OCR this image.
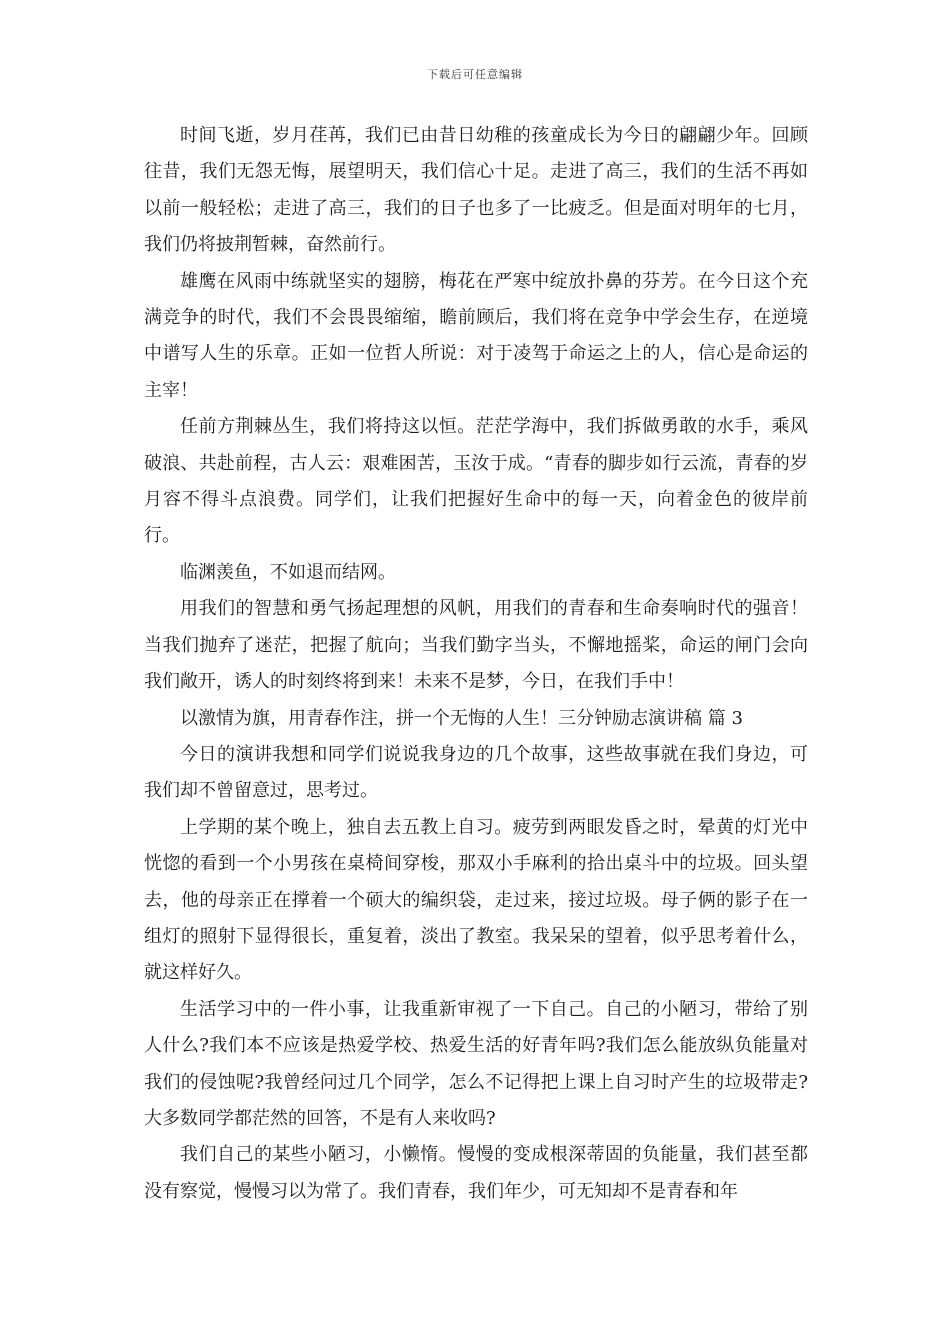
下载后可任意编辑

时间飞逝，岁月荏苒，我们已由昔日幼稚的孩童成长为今日的翩翩少年。回顾往昔，我们无怨无悔，展望明天，我们信心十足。走进了高三，我们的生活不再如以前一般轻松；走进了高三，我们的日子也多了一比疲乏。但是面对明年的七月，我们仍将披荆暂棘，奋然前行。

雄鹰在风雨中练就坚实的翅膀，梅花在严寒中绽放扑鼻的芬芳。在今日这个充满竞争的时代，我们不会畏畏缩缩，瞻前顾后，我们将在竞争中学会生存，在逆境中谱写人生的乐章。正如一位哲人所说：对于凌驾于命运之上的人，信心是命运的主宰！

任前方荆棘丛生，我们将持这以恒。茫茫学海中，我们拆做勇敢的水手，乘风破浪、共赴前程，古人云：艰难困苦，玉汝于成。“青春的脚步如行云流，青春的岁月容不得斗点浪费。同学们，让我们把握好生命中的每一天，向着金色的彼岸前行。

临渊羡鱼，不如退而结网。

用我们的智慧和勇气扬起理想的风帆，用我们的青春和生命奏响时代的强音！当我们抛弃了迷茫，把握了航向；当我们勤字当头，不懈地摇桨，命运的闸门会向我们敞开，诱人的时刻终将到来！未来不是梦，今日，在我们手中！

以激情为旗，用青春作注，拼一个无悔的人生！三分钟励志演讲稿 篇 3

今日的演讲我想和同学们说说我身边的几个故事，这些故事就在我们身边，可我们却不曾留意过，思考过。

上学期的某个晚上，独自去五教上自习。疲劳到两眼发昏之时，晕黄的灯光中恍惚的看到一个小男孩在桌椅间穿梭，那双小手麻利的拾出桌斗中的垃圾。回头望去，他的母亲正在撑着一个硕大的编织袋，走过来，接过垃圾。母子俩的影子在一组灯的照射下显得很长，重复着，淡出了教室。我呆呆的望着，似乎思考着什么，就这样好久。

生活学习中的一件小事，让我重新审视了一下自己。自己的小陋习，带给了别人什么?我们本不应该是热爱学校、热爱生活的好青年吗?我们怎么能放纵负能量对我们的侵蚀呢?我曾经问过几个同学，怎么不记得把上课上自习时产生的垃圾带走?大多数同学都茫然的回答，不是有人来收吗?

我们自己的某些小陋习，小懒惰。慢慢的变成根深蒂固的负能量，我们甚至都没有察觉，慢慢习以为常了。我们青春，我们年少，可无知却不是青春和年
